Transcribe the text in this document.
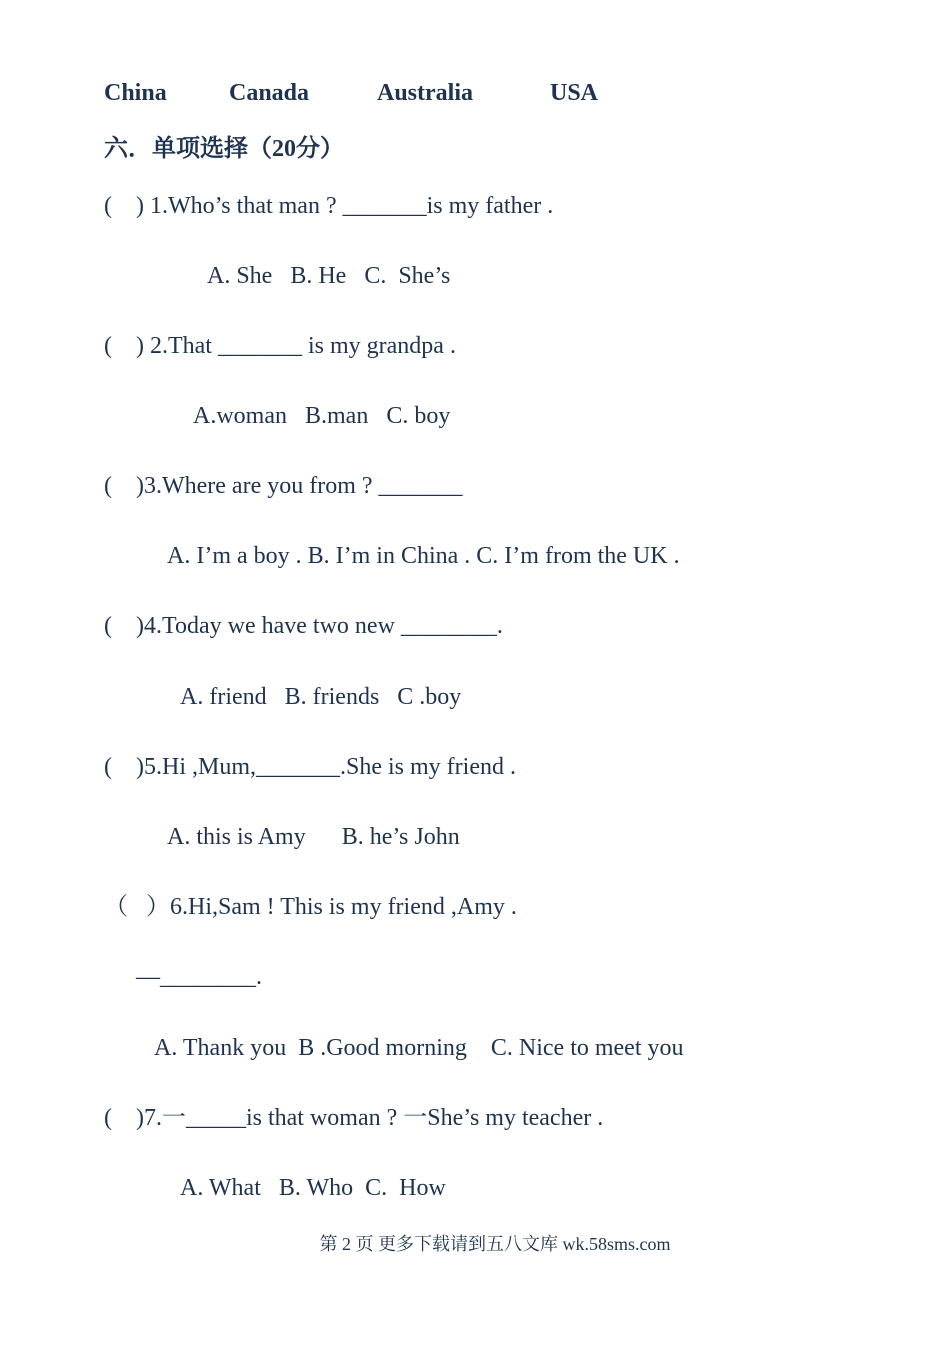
China	Canada	Australia	USA
六．单项选择（20分）
(    ) 1.Who’s that man ? _______is my father .
A. She   B. He   C.  She’s
(    ) 2.That _______ is my grandpa .
A.woman   B.man   C. boy
(    )3.Where are you from ? _______
A. I’m a boy . B. I’m in China . C. I’m from the UK .
(    )4.Today we have two new ________.
A. friend   B. friends   C .boy
(    )5.Hi ,Mum,_______.She is my friend .
A. this is Amy      B. he’s John
（   ）6.Hi,Sam ! This is my friend ,Amy .
—________.
A. Thank you  B .Good morning    C. Nice to meet you
(    )7.一_____is that woman ? 一She’s my teacher .
A. What   B. Who  C.  How
第 2 页 更多下载请到五八文库 wk.58sms.com
